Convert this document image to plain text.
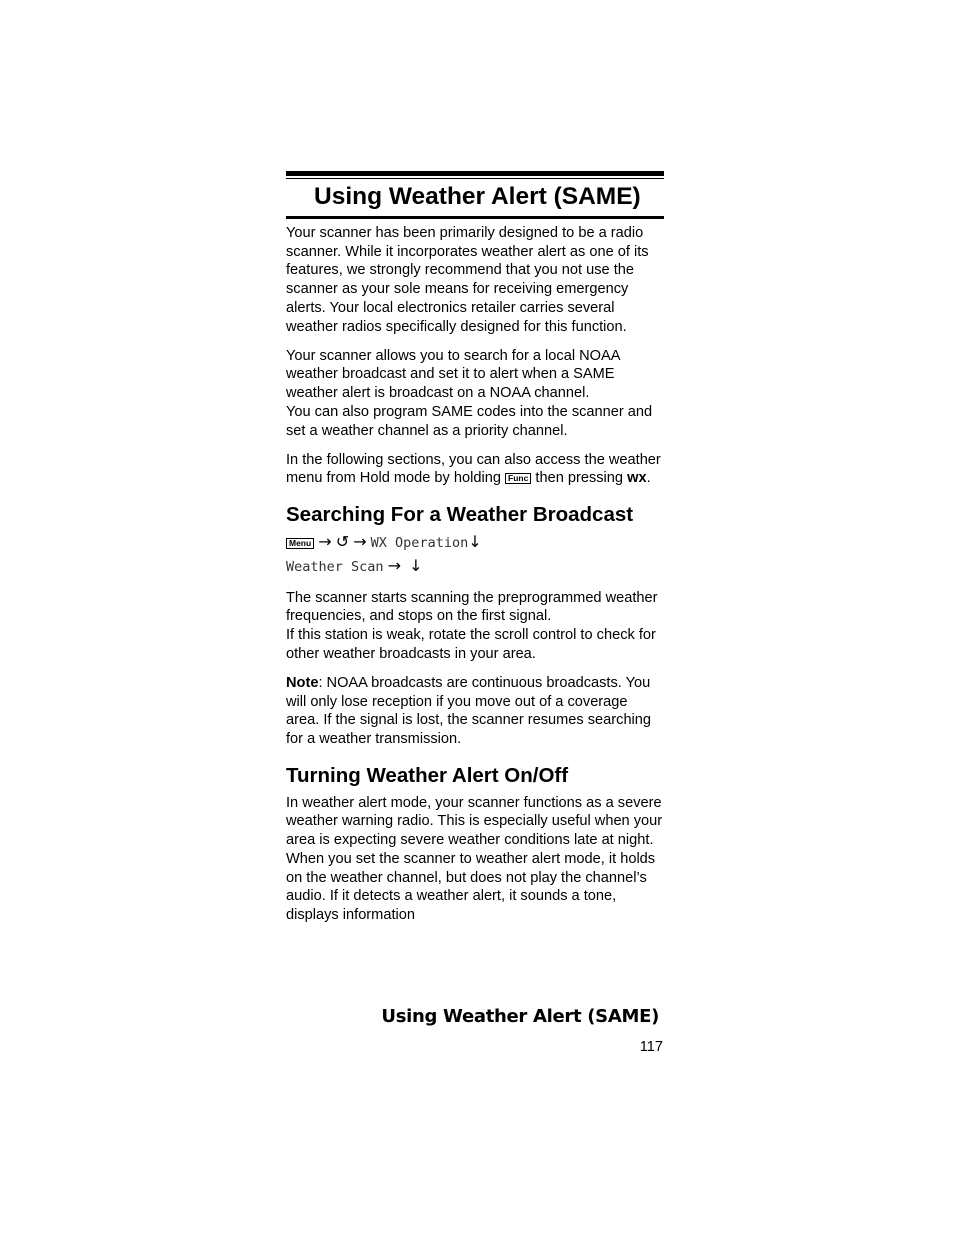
Using Weather Alert (SAME)

Your scanner has been primarily designed to be a radio scanner. While it incorporates weather alert as one of its features, we strongly recommend that you not use the scanner as your sole means for receiving emergency alerts. Your local electronics retailer carries several weather radios specifically designed for this function.

Your scanner allows you to search for a local NOAA weather broadcast and set it to alert when a SAME weather alert is broadcast on a NOAA channel.
You can also program SAME codes into the scanner and set a weather channel as a priority channel.

In the following sections, you can also access the weather menu from Hold mode by holding Func then pressing wx.

Searching For a Weather Broadcast
Menu → ↺ → WX Operation↓
Weather Scan → ↓

The scanner starts scanning the preprogrammed weather frequencies, and stops on the first signal.
If this station is weak, rotate the scroll control to check for other weather broadcasts in your area.

Note: NOAA broadcasts are continuous broadcasts. You will only lose reception if you move out of a coverage area. If the signal is lost, the scanner resumes searching for a weather transmission.

Turning Weather Alert On/Off

In weather alert mode, your scanner functions as a severe weather warning radio. This is especially useful when your area is expecting severe weather conditions late at night. When you set the scanner to weather alert mode, it holds on the weather channel, but does not play the channel’s audio. If it detects a weather alert, it sounds a tone, displays information

Using Weather Alert (SAME)
117
